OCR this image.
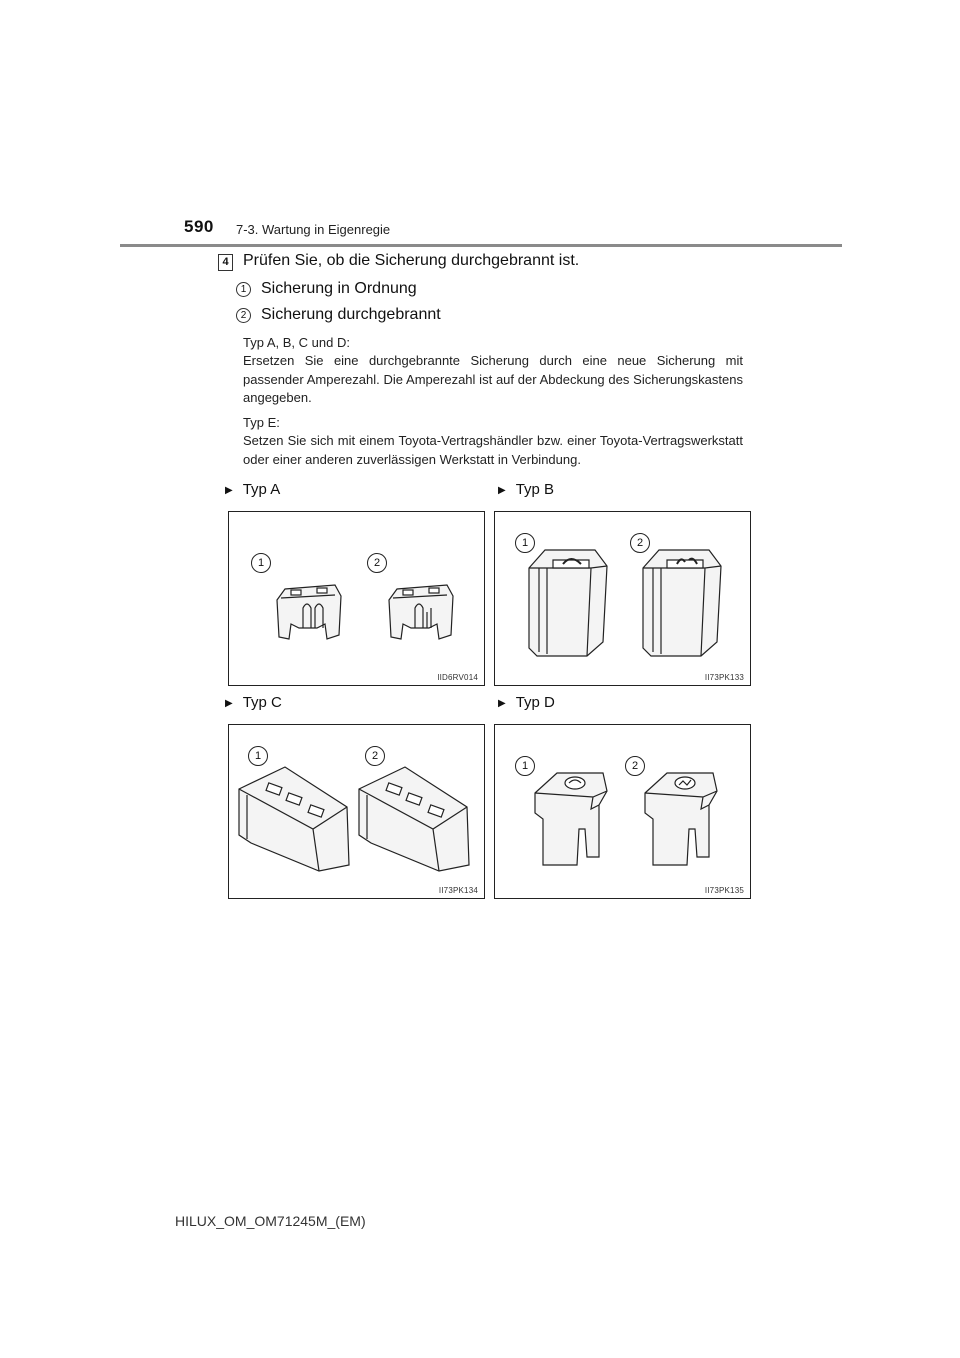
590 7-3. Wartung in Eigenregie
4 Prüfen Sie, ob die Sicherung durchgebrannt ist.
1 Sicherung in Ordnung
2 Sicherung durchgebrannt
Typ A, B, C und D:
Ersetzen Sie eine durchgebrannte Sicherung durch eine neue Sicherung mit passender Amperezahl. Die Amperezahl ist auf der Abdeckung des Sicherungskastens angegeben.
Typ E:
Setzen Sie sich mit einem Toyota-Vertragshändler bzw. einer Toyota-Vertragswerkstatt oder einer anderen zuverlässigen Werkstatt in Verbindung.
▶ Typ A	▶ Typ B
▶ Typ C	▶ Typ D
1	2
IID6RV014
1	2
II73PK133
1	2
II73PK134
1	2
II73PK135
HILUX_OM_OM71245M_(EM)
